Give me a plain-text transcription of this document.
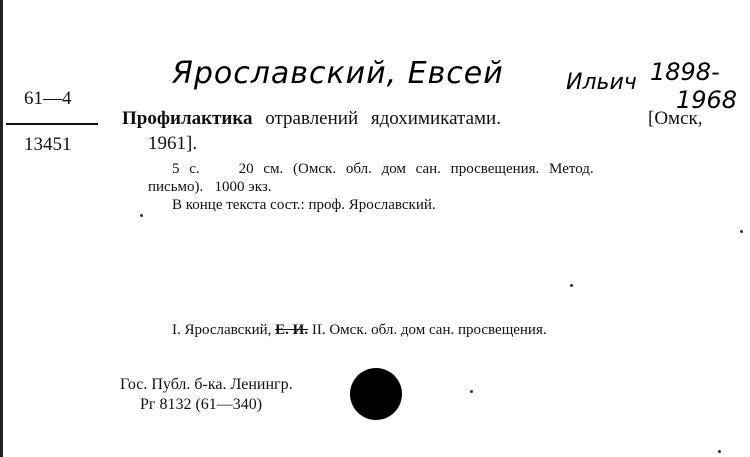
Ярославский, Евсей	Ильич 1898-
1968
61—4
13451
Профилактика отравлений ядохимикатами.	[Омск,
1961].
5 с.    20 см. (Омск. обл. дом сан. просвещения. Метод.
письмо).   1000 экз.
В конце текста сост.: проф. Ярославский.
I. Ярославский, Е. И. II. Омск. обл. дом сан. просвещения.
Гос. Публ. б-ка. Ленингр.
Рг 8132 (61—340)
